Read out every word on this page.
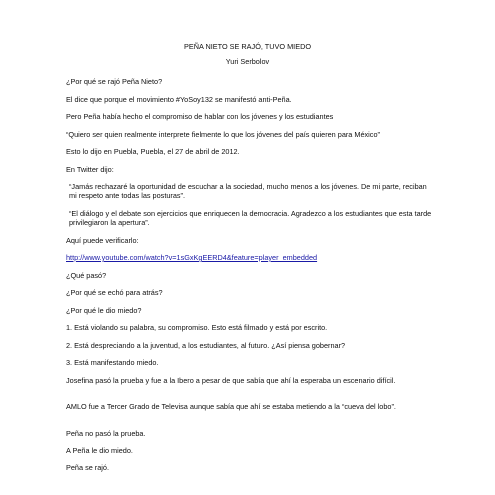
PEÑA NIETO SE RAJÓ, TUVO MIEDO
Yuri Serbolov
¿Por qué se rajó Peña Nieto?
El dice que porque el movimiento #YoSoy132 se manifestó anti-Peña.
Pero Peña había hecho el compromiso de hablar con los jóvenes y los estudiantes
“Quiero ser quien realmente interprete fielmente lo que los jóvenes del país quieren para México”
Esto lo dijo en Puebla, Puebla, el 27 de abril de 2012.
En Twitter dijo:
“Jamás rechazaré la oportunidad de escuchar a la sociedad, mucho menos a los jóvenes. De mi parte, reciban mi respeto ante todas las posturas”.
“El diálogo y el debate son ejercicios que enriquecen la democracia. Agradezco a los estudiantes que esta tarde privilegiaron la apertura”.
Aquí puede verificarlo:
http://www.youtube.com/watch?v=1sGxKgEERD4&feature=player_embedded
¿Qué pasó?
¿Por qué se echó para atrás?
¿Por qué le dio miedo?
1. Está violando su palabra, su compromiso. Esto está filmado y está por escrito.
2. Está despreciando a la juventud, a los estudiantes, al futuro. ¿Así piensa gobernar?
3. Está manifestando miedo.
Josefina pasó la prueba y fue a la Ibero a pesar de que sabía que ahí la esperaba un escenario difícil.
AMLO fue a Tercer Grado de Televisa aunque sabía que ahí se estaba metiendo a la “cueva del lobo”.
Peña no pasó la prueba.
A Peña le dio miedo.
Peña se rajó.
